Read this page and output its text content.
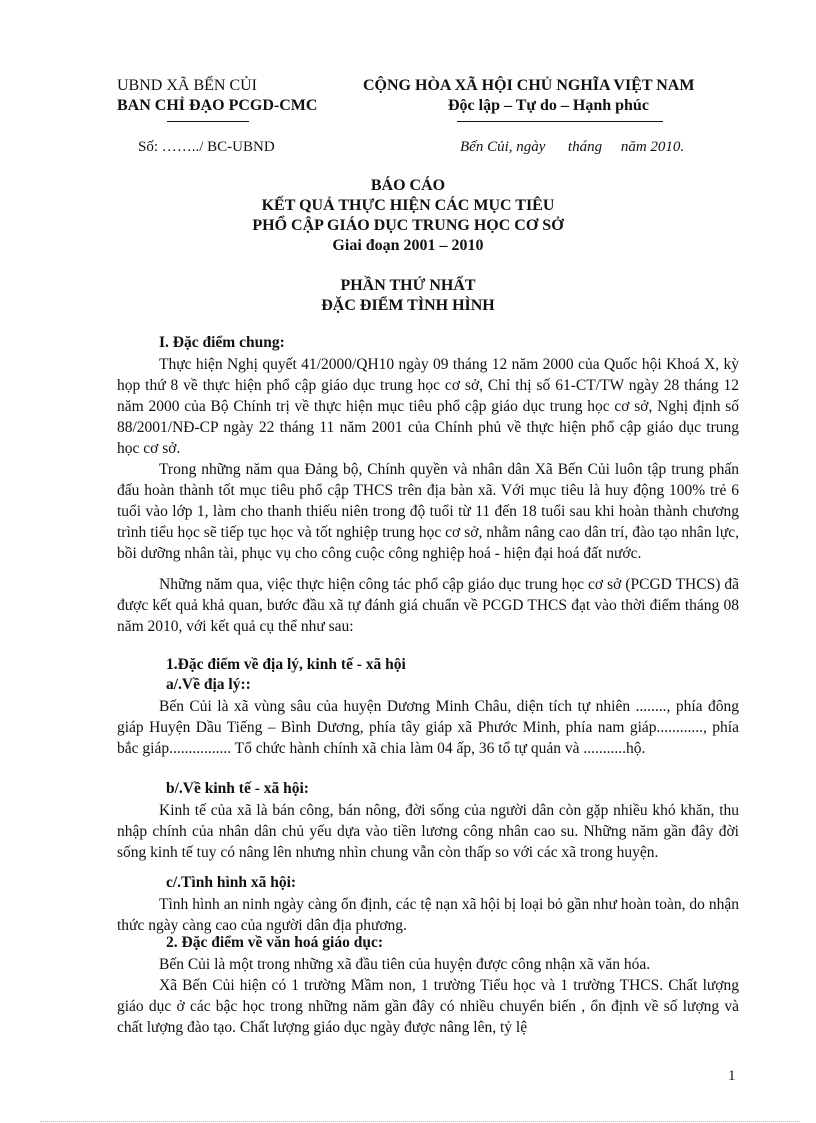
UBND XÃ BẾN CỦI
BAN CHỈ ĐẠO PCGD-CMC
CỘNG HÒA XÃ HỘI CHỦ NGHĨA VIỆT NAM
Độc lập – Tự do – Hạnh phúc
Số: ……../ BC-UBND	Bến Củi, ngày      tháng     năm 2010.
BÁO CÁO
KẾT QUẢ THỰC HIỆN CÁC MỤC TIÊU
PHỔ CẬP GIÁO DỤC TRUNG HỌC CƠ SỞ
Giai đoạn 2001 – 2010
PHẦN THỨ NHẤT
ĐẶC ĐIỂM TÌNH HÌNH
I. Đặc điểm chung:
Thực hiện Nghị quyết 41/2000/QH10 ngày 09 tháng 12 năm 2000 của Quốc hội Khoá X, kỳ họp thứ 8 về thực hiện phổ cập giáo dục trung học cơ sở, Chỉ thị số 61-CT/TW ngày 28 tháng 12 năm 2000 của Bộ Chính trị về thực hiện mục tiêu phổ cập giáo dục trung học cơ sở, Nghị định số 88/2001/NĐ-CP ngày 22 tháng 11 năm 2001 của Chính phủ về thực hiện phổ cập giáo dục trung học cơ sở.
Trong những năm qua Đảng bộ, Chính quyền và nhân dân Xã Bến Củi luôn tập trung phấn đấu hoàn thành tốt mục tiêu phổ cập THCS trên địa bàn xã. Với mục tiêu là huy động 100% trẻ 6 tuổi vào lớp 1, làm cho thanh thiếu niên trong độ tuổi từ 11 đến 18 tuổi sau khi hoàn thành chương trình tiểu học sẽ tiếp tục học và tốt nghiệp trung học cơ sở, nhằm nâng cao dân trí, đào tạo nhân lực, bồi dưỡng nhân tài, phục vụ cho công cuộc công nghiệp hoá - hiện đại hoá đất nước.
Những năm qua, việc thực hiện công tác phổ cập giáo dục trung học cơ sở (PCGD THCS) đã được kết quả khả quan, bước đầu xã tự đánh giá chuẩn về PCGD THCS đạt vào thời điểm tháng 08 năm 2010, với kết quả cụ thể như sau:
1.Đặc điểm về địa lý, kinh tế - xã hội
a/.Về địa lý::
Bến Củi là xã vùng sâu của huyện Dương Minh Châu, diện tích tự nhiên ........, phía đông giáp Huyện Dầu Tiếng – Bình Dương, phía tây giáp xã Phước Minh, phía nam giáp............, phía bắc giáp................ Tổ chức hành chính xã chia làm 04 ấp, 36 tổ tự quản và ...........hộ.
b/.Về kinh tế - xã hội:
Kinh tế của xã là bán công, bán nông, đời sống của người dân còn gặp nhiều khó khăn, thu nhập chính của nhân dân chủ yếu dựa vào tiền lương công nhân cao su. Những năm gần đây đời sống kinh tế tuy có nâng lên nhưng nhìn chung vẫn còn thấp so với các xã trong huyện.
c/.Tình hình xã hội:
Tình hình an ninh ngày càng ổn định, các tệ nạn xã hội bị loại bỏ gần như hoàn toàn, do nhận thức ngày càng cao của người dân địa phương.
2. Đặc điểm về văn hoá giáo dục:
Bến Củi là một trong những xã đầu tiên của huyện được công nhận xã văn hóa.
Xã Bến Củi hiện có 1 trường Mầm non, 1 trường Tiểu học và 1 trường THCS. Chất lượng giáo dục ở các bậc học trong những năm gần đây có nhiều chuyển biến , ổn định về số lượng và chất lượng đào tạo. Chất lượng giáo dục ngày được nâng lên, tỷ lệ
1
